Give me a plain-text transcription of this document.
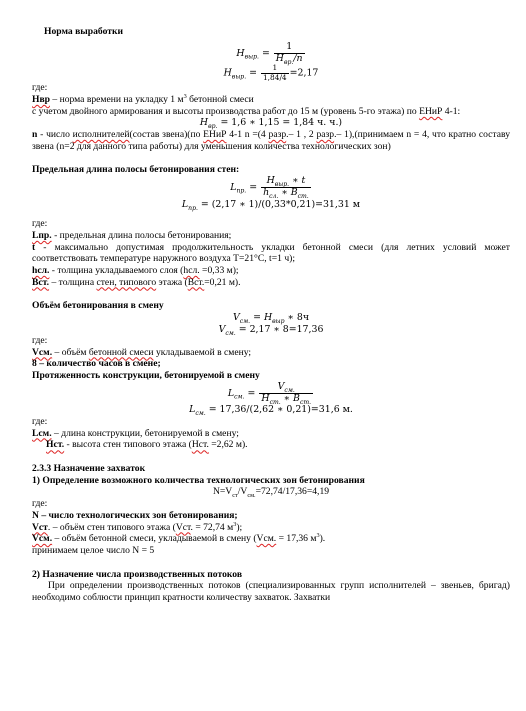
Норма выработки

$H_{выр.} = \frac{1}{H_{вр.}/n}$
$H_{выр.} = \frac{1}{1,84/4} =2,17$

где:

Нвр – норма времени на укладку 1 $м^3$ бетонной смеси

с учетом двойного армирования и высоты производства работ до 15 м (уровень 5-го этажа) по ЕНиР 4-1:

$H_{вр.} = 1,6$ ∗ 1,15 = 1,84 ч. ч.)

n - число исполнителей(состав звена)(по ЕНиР 4-1 n =(4 разр.– 1 , 2 разр.– 1),(принимаем n = 4, что кратно составу звена (n=2 для данного типа работы) для уменьшения количества технологических зон)

Предельная длина полосы бетонирования стен:

$L_{пр.} = \frac{H_{выр.} ∗ t}{h_{сл.} ∗ B_{ст.}}$
$L_{пр.} = (2,17$ ∗ 1)/(0,33*0,21)=31,31 м

где:

Lпр. - предельная длина полосы бетонирования;

t - максимально допустимая продолжительность укладки бетонной смеси (для летних условий может соответствовать температуре наружного воздуха T=21°С, t=1 ч);

hсл. - толщина укладываемого слоя (hсл. =0,33 м);

Вст. – толщина стен, типового этажа (Вст.=0,21 м).

Объём бетонирования в смену

$V_{см.} = H_{выр}$ ∗ 8ч
$V_{см.} = 2,17$ ∗ 8=17,36

где:

Vсм. – объём бетонной смеси укладываемой в смену;

8 – количество часов в смене;

Протяженность конструкции, бетонируемой в смену

$L_{см.} = \frac{V_{см.}}{H_{ст.} ∗ B_{ст.}}$
$L_{см.} = 17,36/(2,62$ ∗ 0,21)=31,6 м.

где:

Lсм. – длина конструкции, бетонируемой в смену;

Нст. - высота стен типового этажа (Нст. =2,62 м).

2.3.3 Назначение захваток

1) Определение возможного количества технологических зон бетонирования

$N=V_{ст}/V_{см.}=72,74/17,36=4,19$

где:

N – число технологических зон бетонирования;

Vст. – объём стен типового этажа (Vст. = 72,74 $м^3$);

Vсм. – объём бетонной смеси, укладываемой в смену (Vсм. = 17,36 $м^3$).

принимаем целое число N = 5

2) Назначение числа производственных потоков

При определении производственных потоков (специализированных групп исполнителей – звеньев, бригад) необходимо соблюсти принцип кратности количеству захваток. Захватки
